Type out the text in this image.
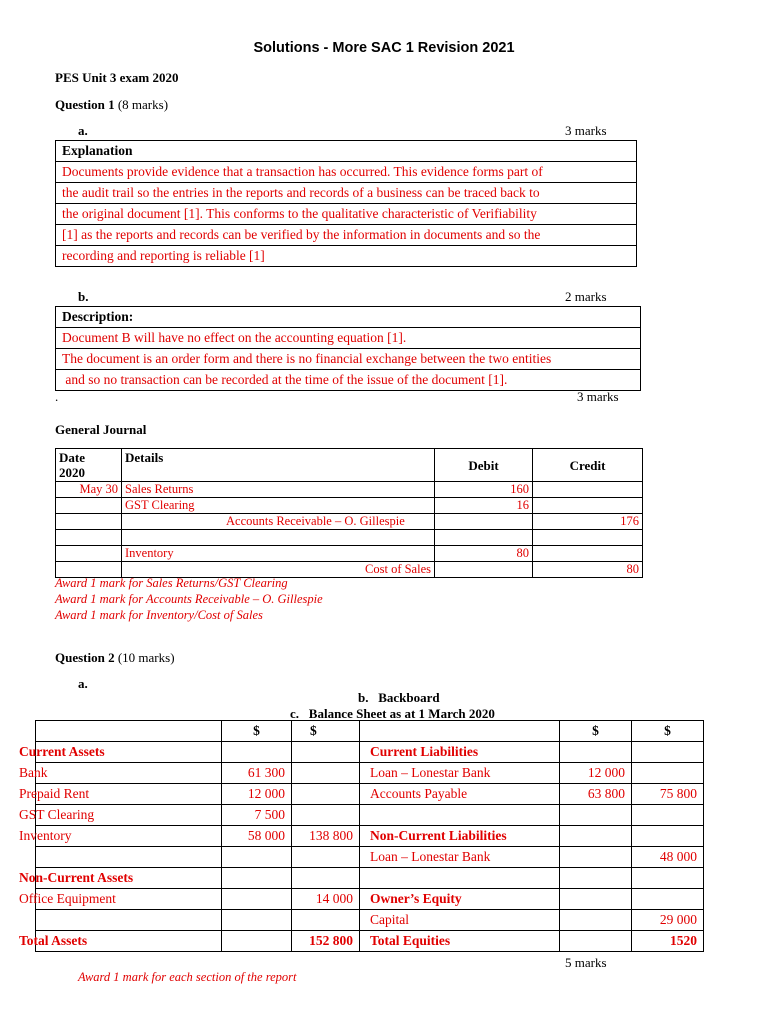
Solutions - More SAC 1 Revision 2021
PES Unit 3 exam 2020
Question 1 (8 marks)
a.	3 marks
Explanation
Documents provide evidence that a transaction has occurred. This evidence forms part of
the audit trail so the entries in the reports and records of a business can be traced back to
the original document [1]. This conforms to the qualitative characteristic of Verifiability
[1] as the reports and records can be verified by the information in documents and so the
recording and reporting is reliable [1]
b.	2 marks
Description:
Document B will have no effect on the accounting equation [1].
The document is an order form and there is no financial exchange between the two entities
and so no transaction can be recorded at the time of the issue of the document [1].
.	3 marks
General Journal
Date
2020	Details	Debit	Credit
May 30	Sales Returns	160	
	GST Clearing	16	
	Accounts Receivable – O. Gillespie		176

	Inventory	80	
	Cost of Sales		80
Award 1 mark for Sales Returns/GST Clearing
Award 1 mark for Accounts Receivable – O. Gillespie
Award 1 mark for Inventory/Cost of Sales
Question 2 (10 marks)
a.
b. Backboard
c. Balance Sheet as at 1 March 2020
	$	$		$	$
Current Assets			Current Liabilities		
Bank	61 300		Loan – Lonestar Bank	12 000	
Prepaid Rent	12 000		Accounts Payable	63 800	75 800
GST Clearing	7 500				
Inventory	58 000	138 800	Non-Current Liabilities		
			Loan – Lonestar Bank		48 000
Non-Current Assets					
Office Equipment		14 000	Owner’s Equity		
			Capital		29 000
Total Assets		152 800	Total Equities		1520
5 marks
Award 1 mark for each section of the report
